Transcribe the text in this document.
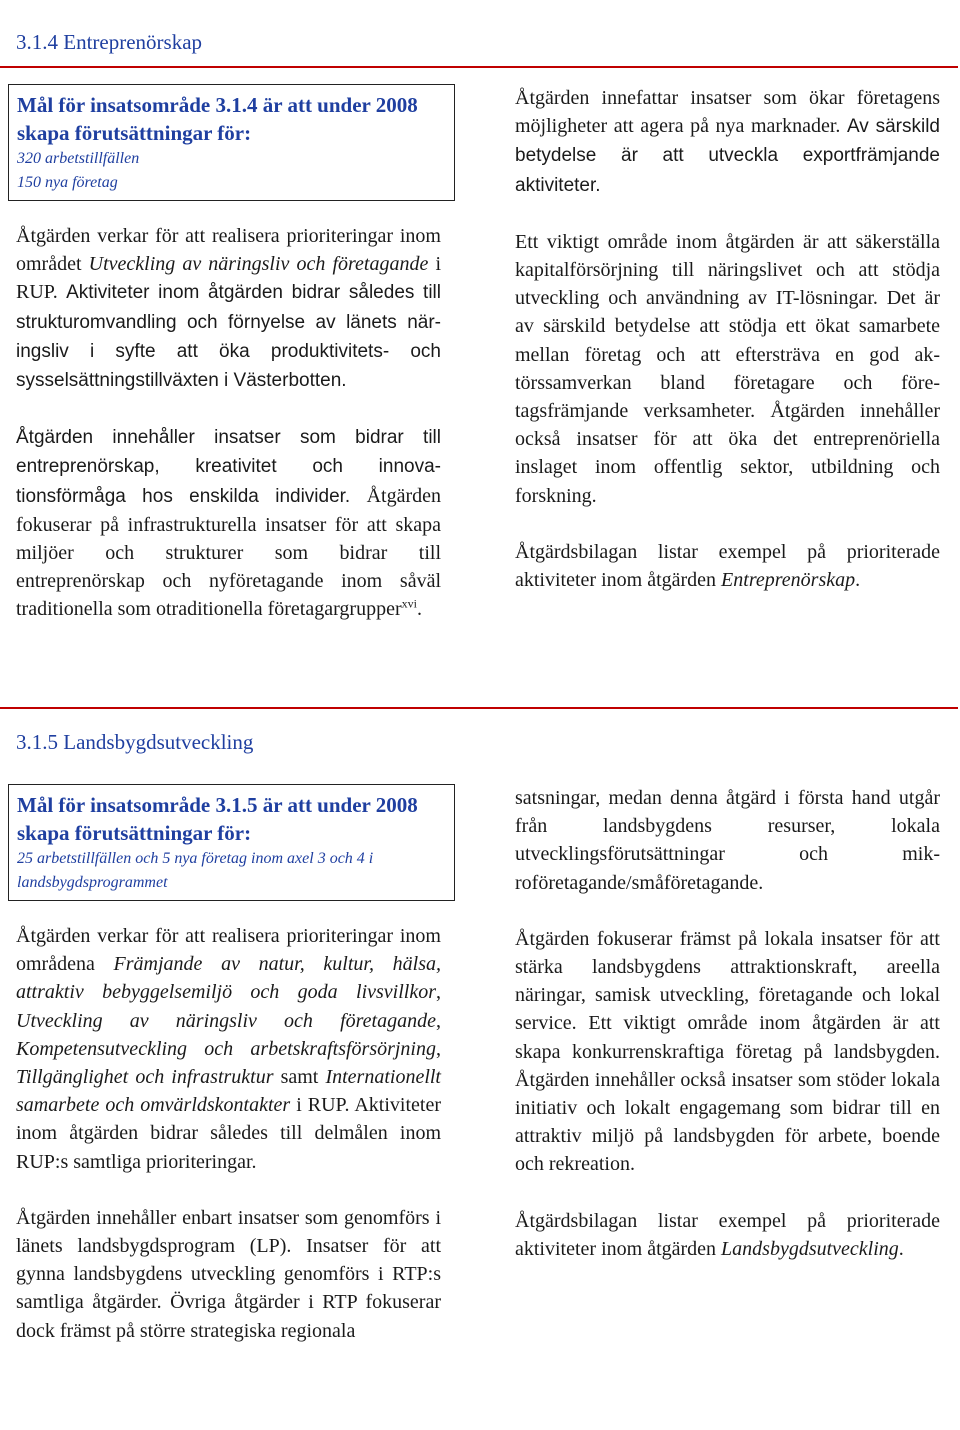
3.1.4 Entreprenörskap

Mål för insatsområde 3.1.4 är att under 2008 skapa förutsättningar för:

320 arbetstillfällen

150 nya företag

Åtgärden verkar för att realisera prioriteringar inom området Utveckling av näringsliv och företagande i RUP. Aktiviteter inom åtgärden bidrar således till strukturomvandling och förnyelse av länets näringsliv i syfte att öka produktivitets- och sysselsättningstillväxten i Västerbotten.

Åtgärden innehåller insatser som bidrar till entreprenörskap, kreativitet och innovationsförmåga hos enskilda individer. Åtgärden fokuserar på infrastrukturella insatser för att skapa miljöer och strukturer som bidrar till entreprenörskap och nyföretagande inom såväl traditionella som otraditionella företagargrupper$^{xvi}$.

Åtgärden innefattar insatser som ökar företagens möjligheter att agera på nya marknader. Av särskild betydelse är att utveckla exportfrämjande aktiviteter.

Ett viktigt område inom åtgärden är att säkerställa kapitalförsörjning till näringslivet och att stödja utveckling och användning av IT-lösningar. Det är av särskild betydelse att stödja ett ökat samarbete mellan företag och att eftersträva en god aktörssamverkan bland företagare och företagsfrämjande verksamheter. Åtgärden innehåller också insatser för att öka det entreprenöriella inslaget inom offentlig sektor, utbildning och forskning.

Åtgärdsbilagan listar exempel på prioriterade aktiviteter inom åtgärden Entreprenörskap.

3.1.5 Landsbygdsutveckling

Mål för insatsområde 3.1.5 är att under 2008 skapa förutsättningar för:

25 arbetstillfällen och 5 nya företag inom axel 3 och 4 i landsbygdsprogrammet

Åtgärden verkar för att realisera prioriteringar inom områdena Främjande av natur, kultur, hälsa, attraktiv bebyggelsemiljö och goda livsvillkor, Utveckling av näringsliv och företagande, Kompetensutveckling och arbetskraftsförsörjning, Tillgänglighet och infrastruktur samt Internationellt samarbete och omvärldskontakter i RUP. Aktiviteter inom åtgärden bidrar således till delmålen inom RUP:s samtliga prioriteringar.

Åtgärden innehåller enbart insatser som genomförs i länets landsbygdsprogram (LP). Insatser för att gynna landsbygdens utveckling genomförs i RTP:s samtliga åtgärder. Övriga åtgärder i RTP fokuserar dock främst på större strategiska regionala

satsningar, medan denna åtgärd i första hand utgår från landsbygdens resurser, lokala utvecklingsförutsättningar och mikroföretagande/småföretagande.

Åtgärden fokuserar främst på lokala insatser för att stärka landsbygdens attraktionskraft, areella näringar, samisk utveckling, företagande och lokal service. Ett viktigt område inom åtgärden är att skapa konkurrenskraftiga företag på landsbygden. Åtgärden innehåller också insatser som stöder lokala initiativ och lokalt engagemang som bidrar till en attraktiv miljö på landsbygden för arbete, boende och rekreation.

Åtgärdsbilagan listar exempel på prioriterade aktiviteter inom åtgärden Landsbygdsutveckling.
